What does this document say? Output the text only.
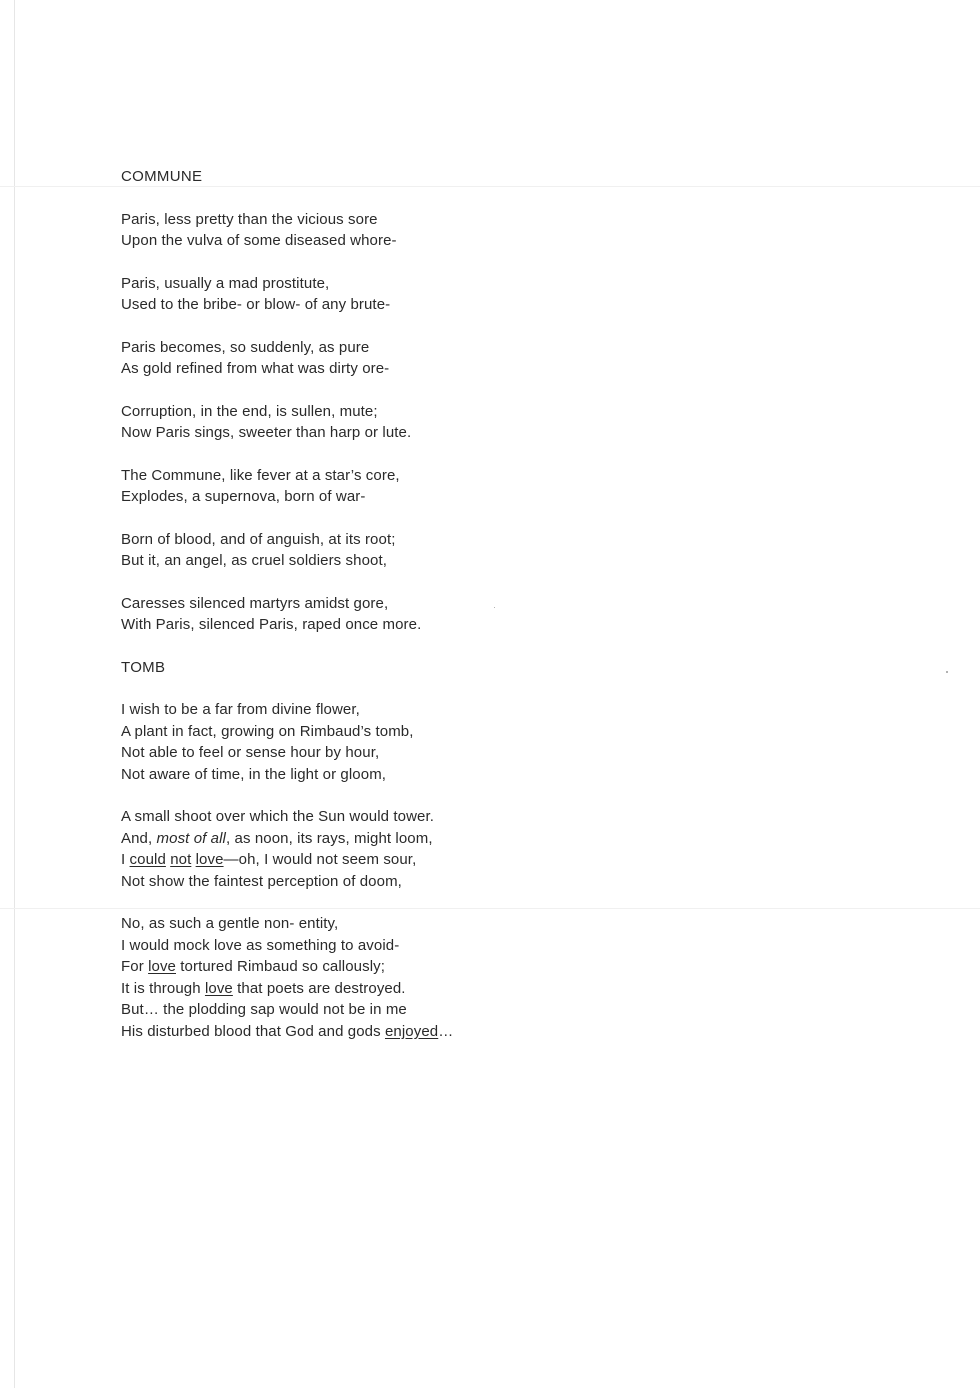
COMMUNE
Paris, less pretty than the vicious sore
Upon the vulva of some diseased whore-
Paris, usually a mad prostitute,
Used to the bribe- or blow- of any brute-
Paris becomes, so suddenly, as pure
As gold refined from what was dirty ore-
Corruption, in the end, is sullen, mute;
Now Paris sings, sweeter than harp or lute.
The Commune, like fever at a star’s core,
Explodes, a supernova, born of war-
Born of blood, and of anguish, at its root;
But it, an angel, as cruel soldiers shoot,
Caresses silenced martyrs amidst gore,
With Paris, silenced Paris, raped once more.
TOMB
I wish to be a far from divine flower,
A plant in fact, growing on Rimbaud’s tomb,
Not able to feel or sense hour by hour,
Not aware of time, in the light or gloom,
A small shoot over which the Sun would tower.
And, most of all, as noon, its rays, might loom,
I could not love—oh, I would not seem sour,
Not show the faintest perception of doom,
No, as such a gentle non- entity,
I would mock love as something to avoid-
For love tortured Rimbaud so callously;
It is through love that poets are destroyed.
But… the plodding sap would not be in me
His disturbed blood that God and gods enjoyed…
